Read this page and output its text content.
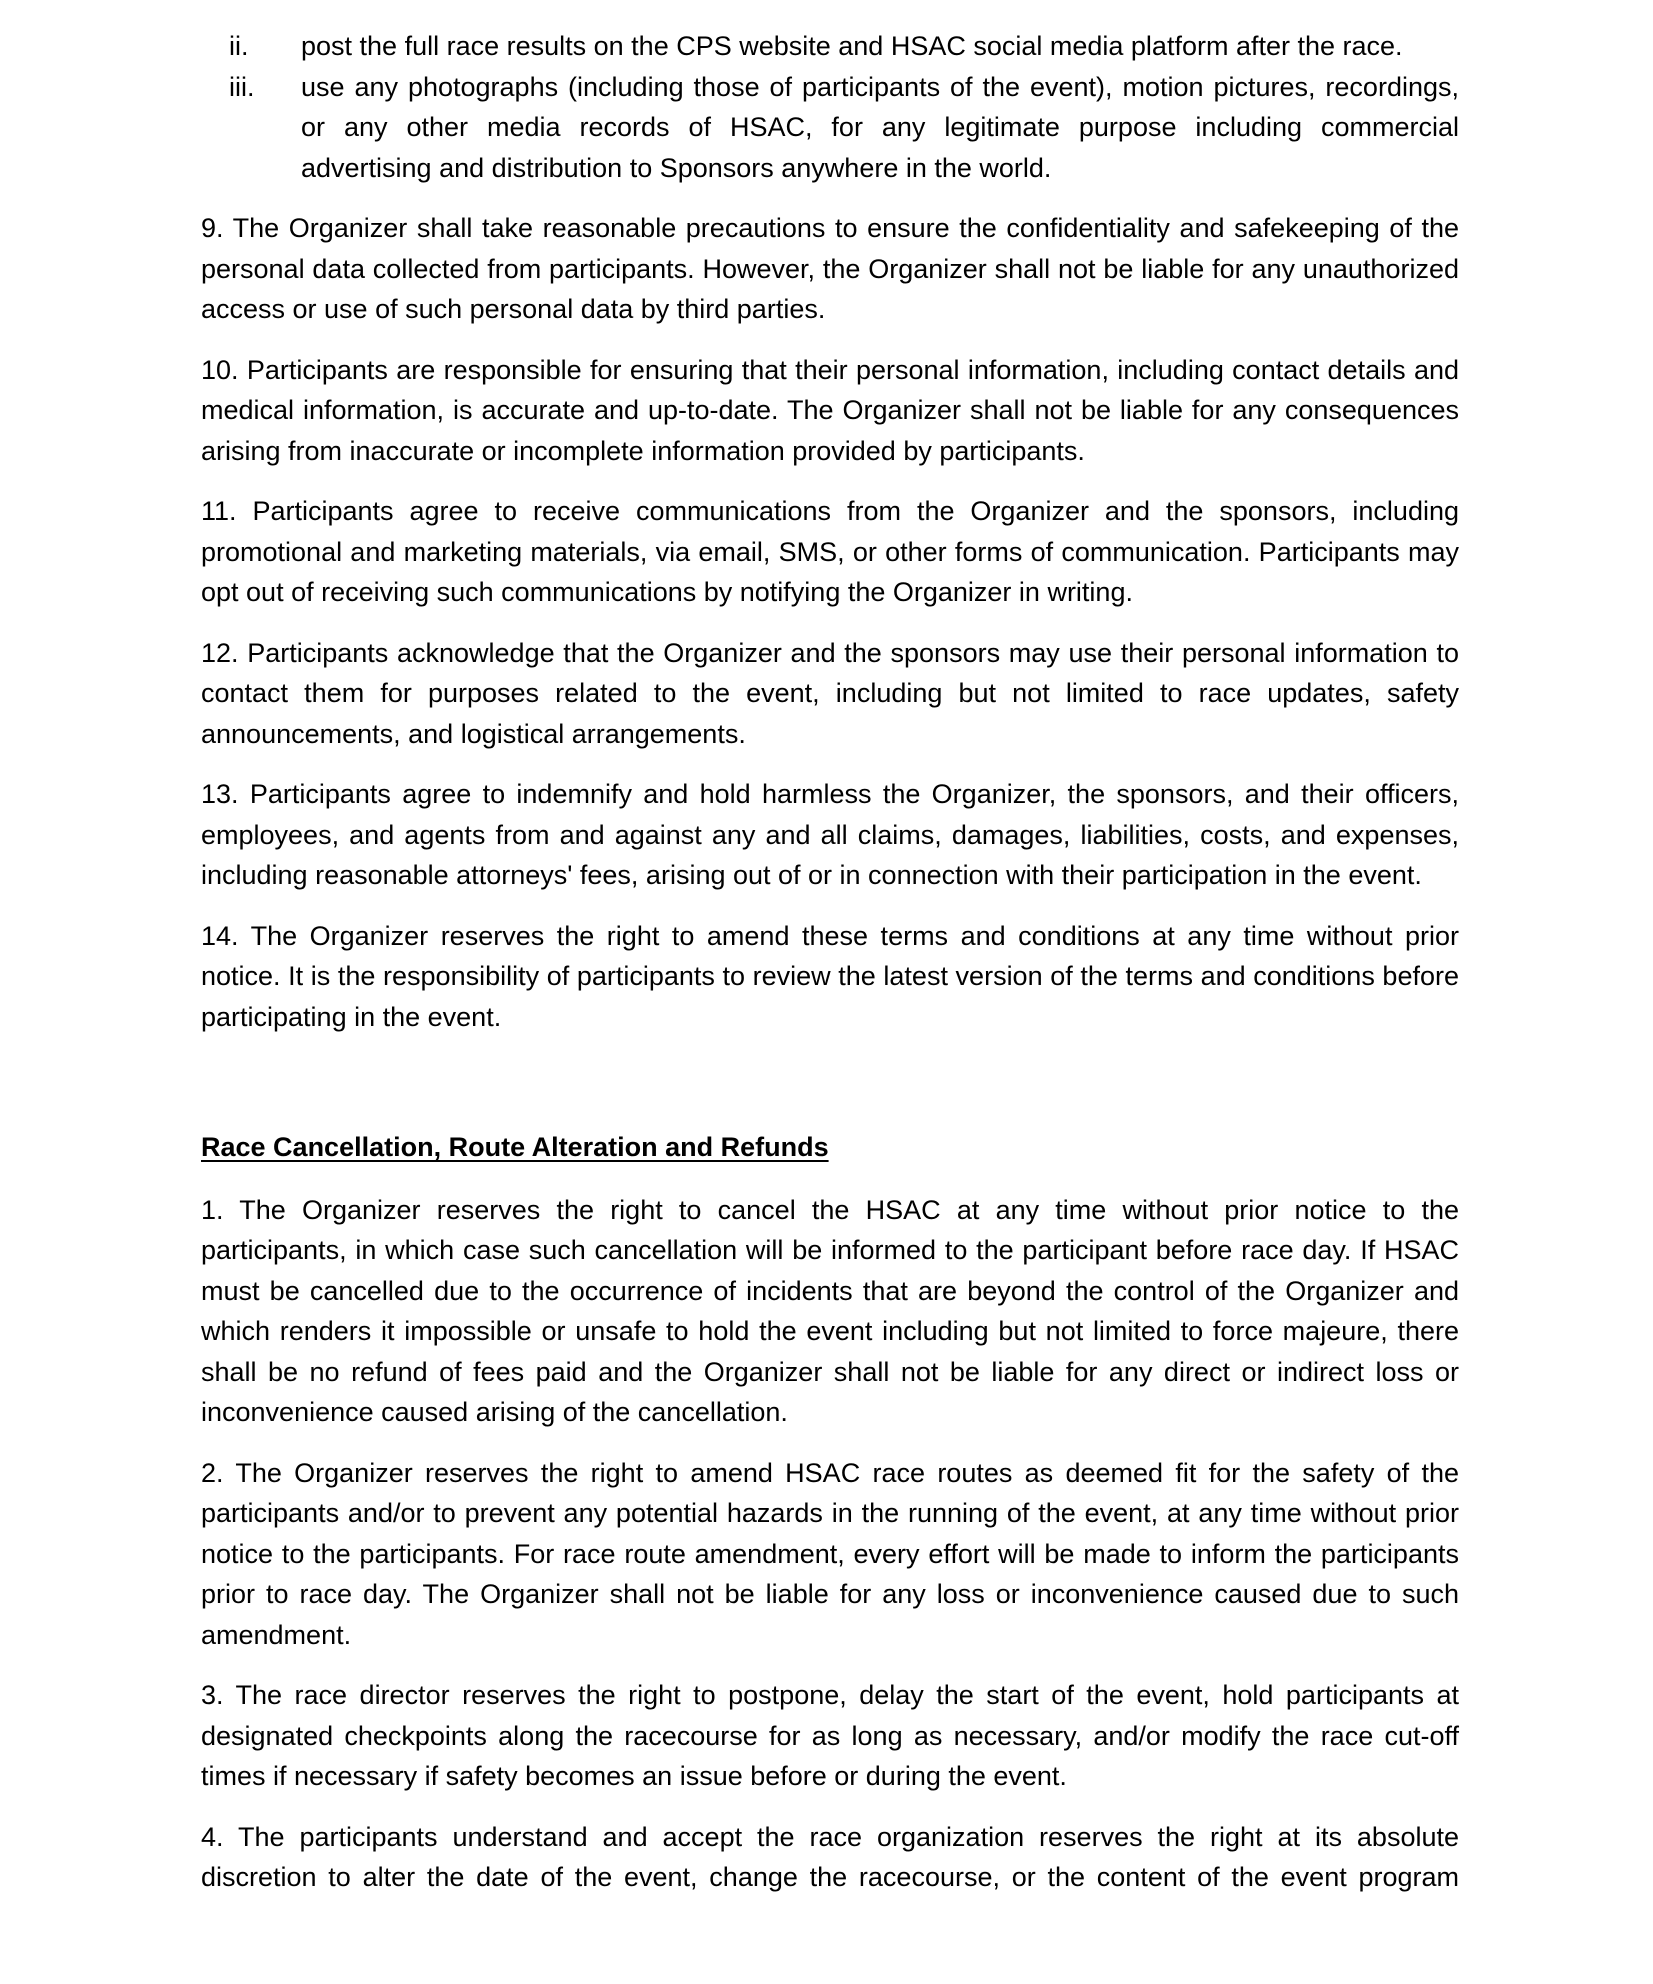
ii. post the full race results on the CPS website and HSAC social media platform after the race.
iii. use any photographs (including those of participants of the event), motion pictures, recordings, or any other media records of HSAC, for any legitimate purpose including commercial advertising and distribution to Sponsors anywhere in the world.

9. The Organizer shall take reasonable precautions to ensure the confidentiality and safekeeping of the personal data collected from participants. However, the Organizer shall not be liable for any unauthorized access or use of such personal data by third parties.

10. Participants are responsible for ensuring that their personal information, including contact details and medical information, is accurate and up-to-date. The Organizer shall not be liable for any consequences arising from inaccurate or incomplete information provided by participants.

11. Participants agree to receive communications from the Organizer and the sponsors, including promotional and marketing materials, via email, SMS, or other forms of communication. Participants may opt out of receiving such communications by notifying the Organizer in writing.

12. Participants acknowledge that the Organizer and the sponsors may use their personal information to contact them for purposes related to the event, including but not limited to race updates, safety announcements, and logistical arrangements.

13. Participants agree to indemnify and hold harmless the Organizer, the sponsors, and their officers, employees, and agents from and against any and all claims, damages, liabilities, costs, and expenses, including reasonable attorneys' fees, arising out of or in connection with their participation in the event.

14. The Organizer reserves the right to amend these terms and conditions at any time without prior notice. It is the responsibility of participants to review the latest version of the terms and conditions before participating in the event.

Race Cancellation, Route Alteration and Refunds

1. The Organizer reserves the right to cancel the HSAC at any time without prior notice to the participants, in which case such cancellation will be informed to the participant before race day. If HSAC must be cancelled due to the occurrence of incidents that are beyond the control of the Organizer and which renders it impossible or unsafe to hold the event including but not limited to force majeure, there shall be no refund of fees paid and the Organizer shall not be liable for any direct or indirect loss or inconvenience caused arising of the cancellation.

2. The Organizer reserves the right to amend HSAC race routes as deemed fit for the safety of the participants and/or to prevent any potential hazards in the running of the event, at any time without prior notice to the participants. For race route amendment, every effort will be made to inform the participants prior to race day. The Organizer shall not be liable for any loss or inconvenience caused due to such amendment.

3. The race director reserves the right to postpone, delay the start of the event, hold participants at designated checkpoints along the racecourse for as long as necessary, and/or modify the race cut-off times if necessary if safety becomes an issue before or during the event.

4. The participants understand and accept the race organization reserves the right at its absolute discretion to alter the date of the event, change the racecourse, or the content of the event program
